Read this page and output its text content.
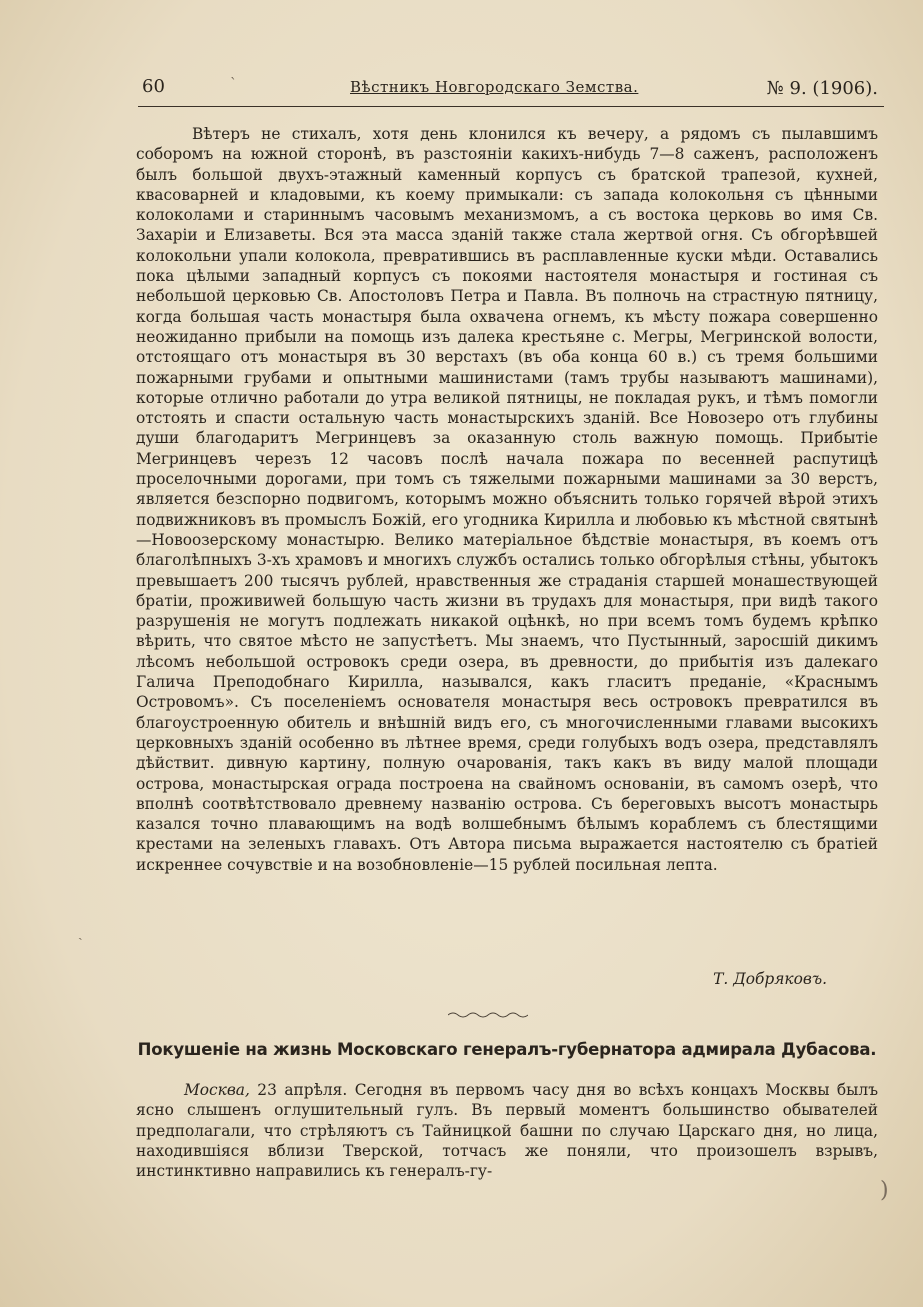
60	ˋ	Вѣстникъ Новгородскаго Земства.	№ 9. (1906).

Вѣтеръ не стихалъ, хотя день клонился къ вечеру, а рядомъ съ пылавшимъ соборомъ на южной сторонѣ, въ разстояніи какихъ-нибудь 7—8 саженъ, расположенъ былъ большой двухъ-этажный каменный корпусъ съ братской трапезой, кухней, квасоварней и кладовыми, къ коему примыкали: съ запада колокольня съ цѣнными колоколами и стариннымъ часовымъ механизмомъ, а съ востока церковь во имя Св. Захаріи и Елизаветы. Вся эта масса зданій также стала жертвой огня. Съ обгорѣвшей колокольни упали колокола, превратившись въ расплавленные куски мѣди. Оставались пока цѣлыми западный корпусъ съ покоями настоятеля монастыря и гостиная съ небольшой церковью Св. Апостоловъ Петра и Павла. Въ полночь на страстную пятницу, когда большая часть монастыря была охвачена огнемъ, къ мѣсту пожара совершенно неожиданно прибыли на помощь изъ далека крестьяне с. Мегры, Мегринской волости, отстоящаго отъ монастыря въ 30 верстахъ (въ оба конца 60 в.) съ тремя большими пожарными грубами и опытными машинистами (тамъ трубы называютъ машинами), которые отлично работали до утра великой пятницы, не покладая рукъ, и тѣмъ помогли отстоять и спасти остальную часть монастырскихъ зданій. Все Новозеро отъ глубины души благодаритъ Мегринцевъ за оказанную столь важную помощь. Прибытіе Мегринцевъ черезъ 12 часовъ послѣ начала пожара по весенней распутицѣ проселочными дорогами, при томъ съ тяжелыми пожарными машинами за 30 верстъ, является безспорно подвигомъ, которымъ можно объяснить только горячей вѣрой этихъ подвижниковъ въ промыслъ Божій, его угодника Кирилла и любовью къ мѣстной святынѣ—Новоозерскому монастырю. Велико матеріальное бѣдствіе монастыря, въ коемъ отъ благолѣпныхъ 3-хъ храмовъ и многихъ службъ остались только обгорѣлыя стѣны, убытокъ превышаетъ 200 тысячъ рублей, нравственныя же страданія старшей монашествующей братіи, проживиwей большую часть жизни въ трудахъ для монастыря, при видѣ такого разрушенія не могутъ подлежать никакой оцѣнкѣ, но при всемъ томъ будемъ крѣпко вѣрить, что святое мѣсто не запустѣетъ. Мы знаемъ, что Пустынный, заросшій дикимъ лѣсомъ небольшой островокъ среди озера, въ древности, до прибытія изъ далекаго Галича Преподобнаго Кирилла, назывался, какъ гласитъ преданіе, «Краснымъ Островомъ». Съ поселеніемъ основателя монастыря весь островокъ превратился въ благоустроенную обитель и внѣшній видъ его, съ многочисленными главами высокихъ церковныхъ зданій особенно въ лѣтнее время, среди голубыхъ водъ озера, представлялъ дѣйствит. дивную картину, полную очарованія, такъ какъ въ виду малой площади острова, монастырская ограда построена на свайномъ основаніи, въ самомъ озерѣ, что вполнѣ соотвѣтствовало древнему названію острова. Съ береговыхъ высотъ монастырь казался точно плавающимъ на водѣ волшебнымъ бѣлымъ кораблемъ съ блестящими крестами на зеленыхъ главахъ. Отъ Автора письма выражается настоятелю съ братіей искреннее сочувствіе и на возобновленіе—15 рублей посильная лепта.

Т. Добряковъ.
Покушеніе на жизнь Московскаго генералъ-губернатора адмирала Дубасова.

Москва, 23 апрѣля. Сегодня въ первомъ часу дня во всѣхъ концахъ Москвы былъ ясно слышенъ оглушительный гулъ. Въ первый моментъ большинство обывателей предполагали, что стрѣляютъ съ Тайницкой башни по случаю Царскаго дня, но лица, находившіяся вблизи Тверской, тотчасъ же поняли, что произошелъ взрывъ, инстинктивно направились къ генералъ-гу-

ˏ
)
